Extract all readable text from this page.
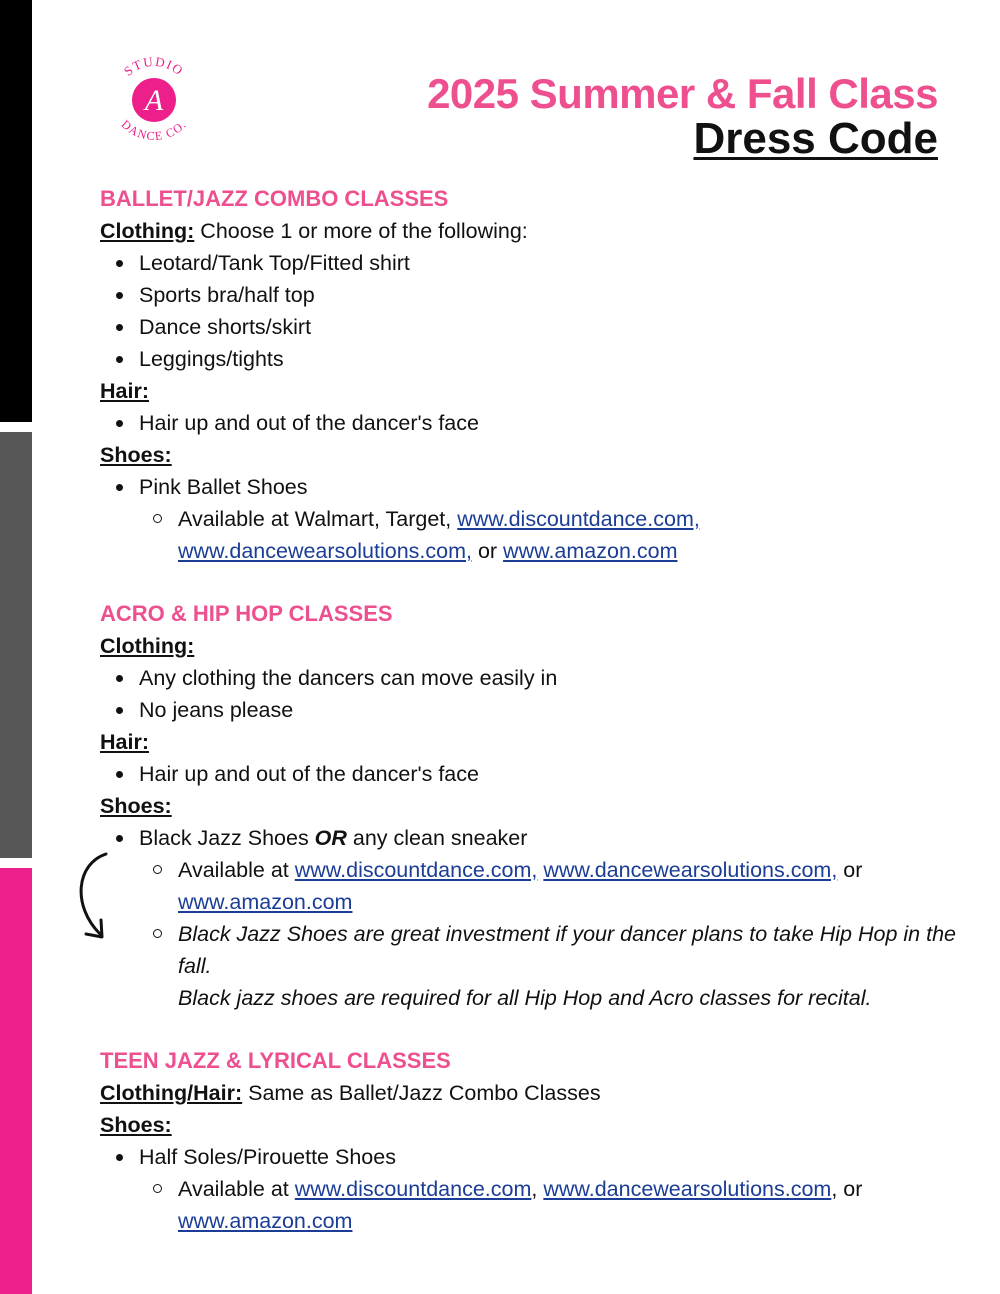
STUDIO
A
DANCE CO.
2025 Summer & Fall Class
Dress Code
BALLET/JAZZ COMBO CLASSES

Clothing: Choose 1 or more of the following:

Leotard/Tank Top/Fitted shirt
Sports bra/half top
Dance shorts/skirt
Leggings/tights

Hair:

Hair up and out of the dancer's face

Shoes:

Pink Ballet Shoes
Available at Walmart, Target, www.discountdance.com,
www.dancewearsolutions.com, or www.amazon.com
ACRO & HIP HOP CLASSES

Clothing:

Any clothing the dancers can move easily in
No jeans please

Hair:

Hair up and out of the dancer's face

Shoes:

Black Jazz Shoes OR any clean sneaker
Available at www.discountdance.com, www.dancewearsolutions.com, or
www.amazon.com
Black Jazz Shoes are great investment if your dancer plans to take Hip Hop in the fall.
Black jazz shoes are required for all Hip Hop and Acro classes for recital.
TEEN JAZZ & LYRICAL CLASSES

Clothing/Hair: Same as Ballet/Jazz Combo Classes

Shoes:

Half Soles/Pirouette Shoes
Available at www.discountdance.com, www.dancewearsolutions.com, or
www.amazon.com
